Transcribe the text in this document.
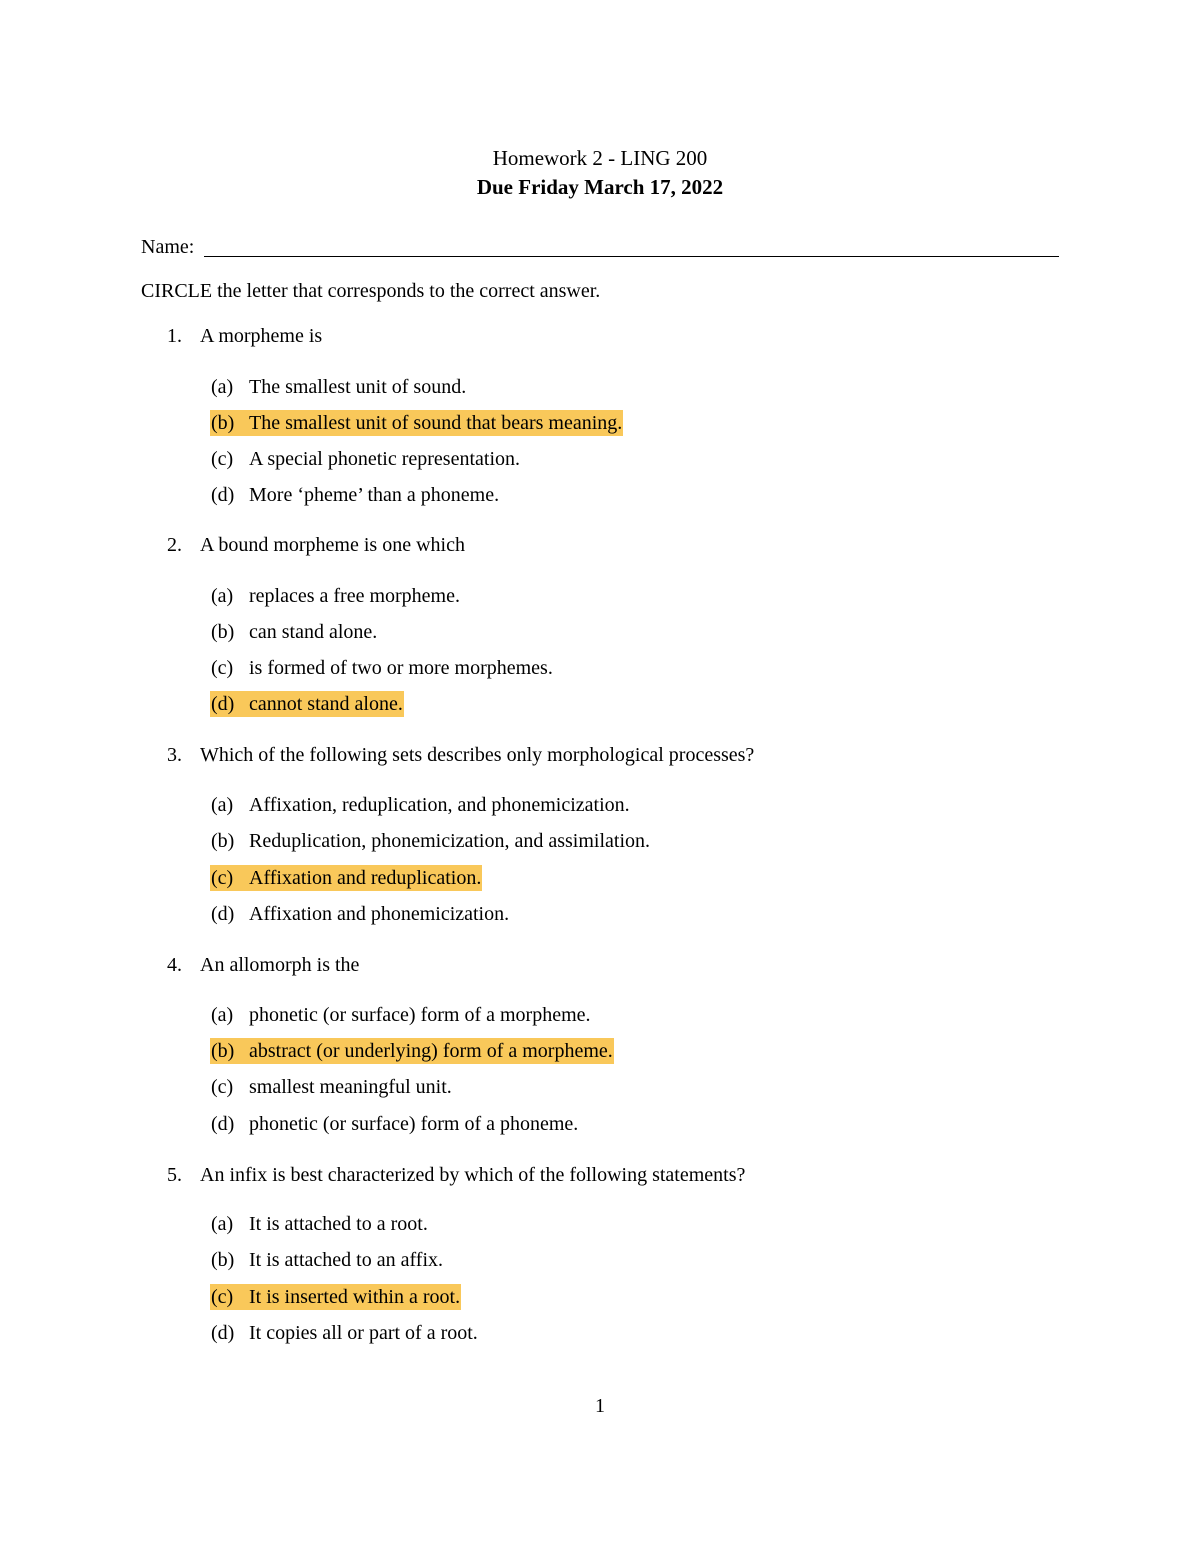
Homework 2 - LING 200
Due Friday March 17, 2022
Name:
CIRCLE the letter that corresponds to the correct answer.
1. A morpheme is
(a) The smallest unit of sound.
(b) The smallest unit of sound that bears meaning.
(c) A special phonetic representation.
(d) More ‘pheme’ than a phoneme.
2. A bound morpheme is one which
(a) replaces a free morpheme.
(b) can stand alone.
(c) is formed of two or more morphemes.
(d) cannot stand alone.
3. Which of the following sets describes only morphological processes?
(a) Affixation, reduplication, and phonemicization.
(b) Reduplication, phonemicization, and assimilation.
(c) Affixation and reduplication.
(d) Affixation and phonemicization.
4. An allomorph is the
(a) phonetic (or surface) form of a morpheme.
(b) abstract (or underlying) form of a morpheme.
(c) smallest meaningful unit.
(d) phonetic (or surface) form of a phoneme.
5. An infix is best characterized by which of the following statements?
(a) It is attached to a root.
(b) It is attached to an affix.
(c) It is inserted within a root.
(d) It copies all or part of a root.
1
